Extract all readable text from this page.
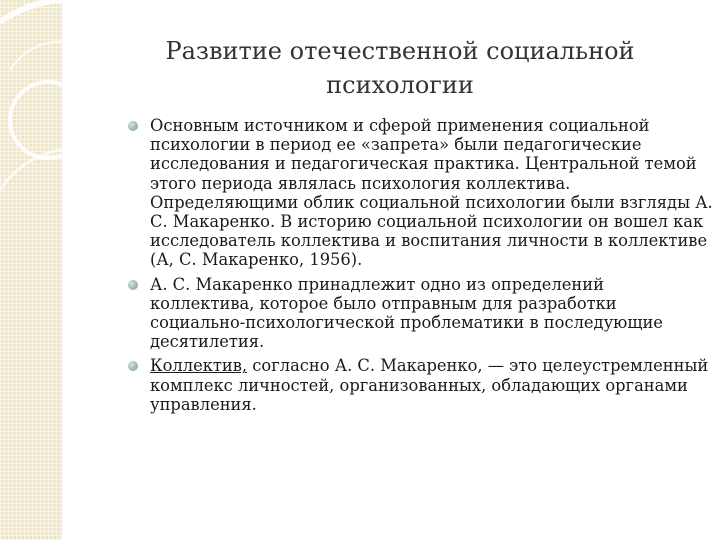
Развитие отечественной социальной
психологии
Основным источником и сферой применения социальной психологии в период ее «запрета» были педагогические исследования и педагогическая практика. Центральной темой этого периода являлась психология коллектива. Определяющими облик социальной психологии были взгляды А. С. Макаренко. В историю социальной психологии он вошел как исследователь коллектива и воспитания личности в коллективе (А, С. Макаренко, 1956).
А. С. Макаренко принадлежит одно из определений коллектива, которое было отправным для разработки социально-психологической проблематики в последующие десятилетия.
Коллектив, согласно А. С. Макаренко, — это целеустремленный комплекс личностей, организованных, обладающих органами управления.
